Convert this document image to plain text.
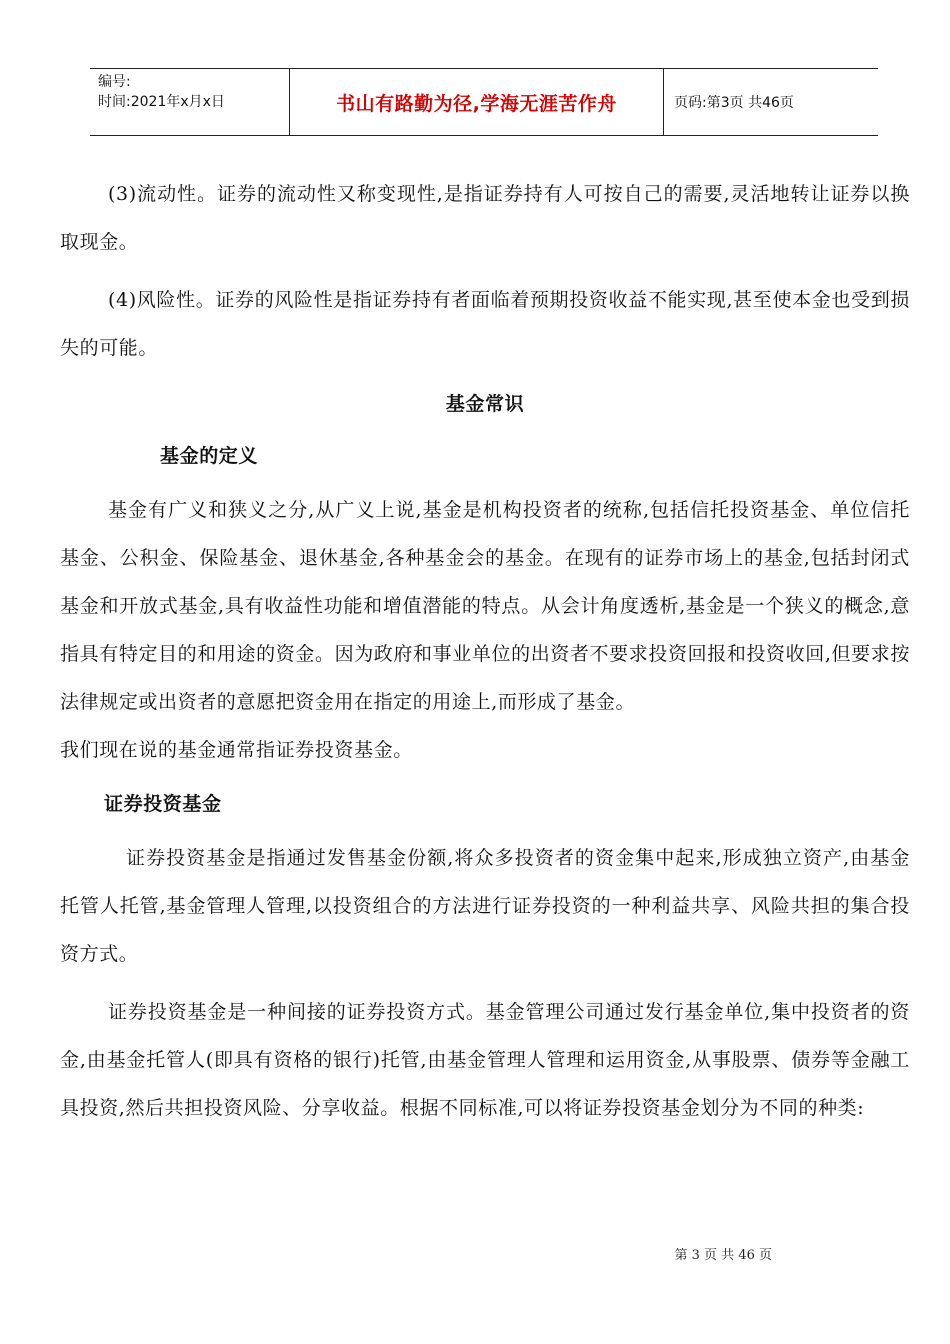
编号:
时间:2021年x月x日	书山有路勤为径,学海无涯苦作舟	页码:第3页 共46页

(3)流动性。证券的流动性又称变现性,是指证券持有人可按自己的需要,灵活地转让证券以换取现金。

(4)风险性。证券的风险性是指证券持有者面临着预期投资收益不能实现,甚至使本金也受到损失的可能。

基金常识

基金的定义

基金有广义和狭义之分,从广义上说,基金是机构投资者的统称,包括信托投资基金、单位信托基金、公积金、保险基金、退休基金,各种基金会的基金。在现有的证券市场上的基金,包括封闭式基金和开放式基金,具有收益性功能和增值潜能的特点。从会计角度透析,基金是一个狭义的概念,意指具有特定目的和用途的资金。因为政府和事业单位的出资者不要求投资回报和投资收回,但要求按法律规定或出资者的意愿把资金用在指定的用途上,而形成了基金。

我们现在说的基金通常指证券投资基金。

证券投资基金

证券投资基金是指通过发售基金份额,将众多投资者的资金集中起来,形成独立资产,由基金托管人托管,基金管理人管理,以投资组合的方法进行证券投资的一种利益共享、风险共担的集合投资方式。

证券投资基金是一种间接的证券投资方式。基金管理公司通过发行基金单位,集中投资者的资金,由基金托管人(即具有资格的银行)托管,由基金管理人管理和运用资金,从事股票、债券等金融工具投资,然后共担投资风险、分享收益。根据不同标准,可以将证券投资基金划分为不同的种类:

第 3 页 共 46 页
